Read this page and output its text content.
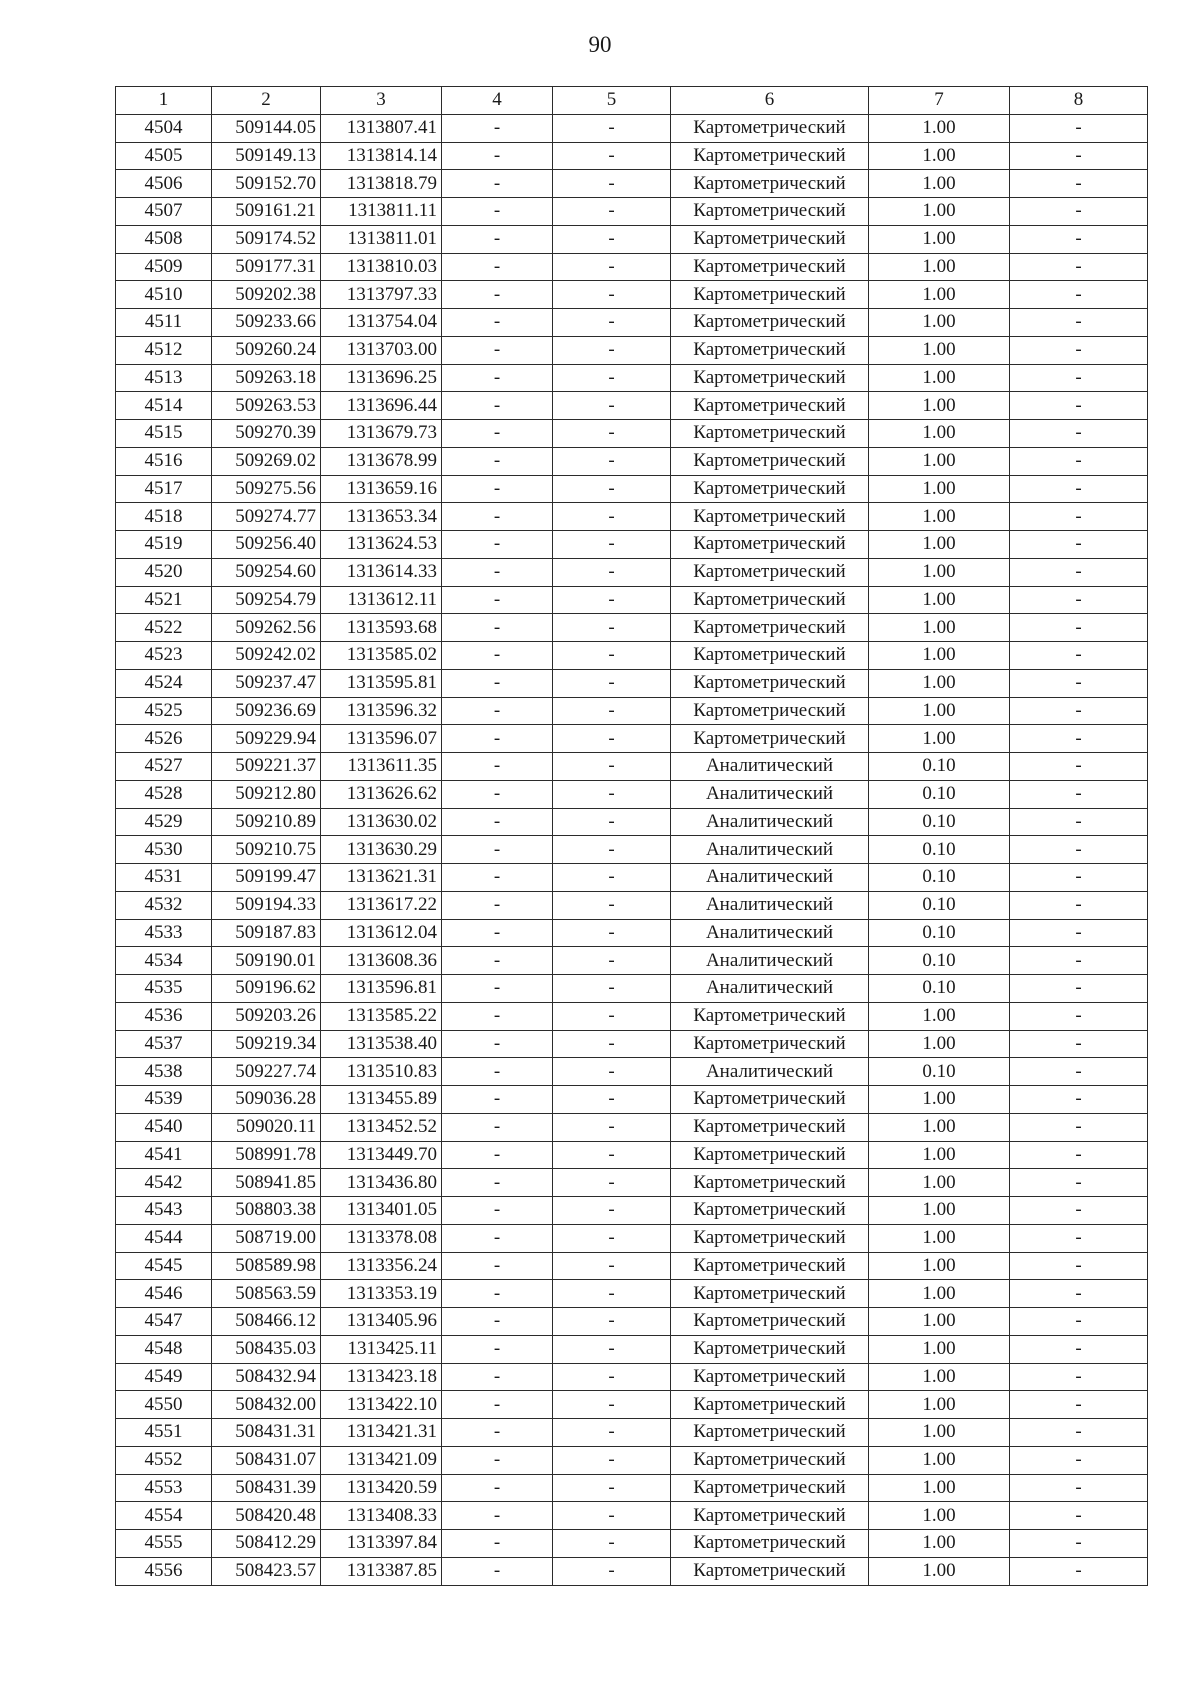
90
1	2	3	4	5	6	7	8
4504	509144.05	1313807.41	-	-	Картометрический	1.00	-
4505	509149.13	1313814.14	-	-	Картометрический	1.00	-
4506	509152.70	1313818.79	-	-	Картометрический	1.00	-
4507	509161.21	1313811.11	-	-	Картометрический	1.00	-
4508	509174.52	1313811.01	-	-	Картометрический	1.00	-
4509	509177.31	1313810.03	-	-	Картометрический	1.00	-
4510	509202.38	1313797.33	-	-	Картометрический	1.00	-
4511	509233.66	1313754.04	-	-	Картометрический	1.00	-
4512	509260.24	1313703.00	-	-	Картометрический	1.00	-
4513	509263.18	1313696.25	-	-	Картометрический	1.00	-
4514	509263.53	1313696.44	-	-	Картометрический	1.00	-
4515	509270.39	1313679.73	-	-	Картометрический	1.00	-
4516	509269.02	1313678.99	-	-	Картометрический	1.00	-
4517	509275.56	1313659.16	-	-	Картометрический	1.00	-
4518	509274.77	1313653.34	-	-	Картометрический	1.00	-
4519	509256.40	1313624.53	-	-	Картометрический	1.00	-
4520	509254.60	1313614.33	-	-	Картометрический	1.00	-
4521	509254.79	1313612.11	-	-	Картометрический	1.00	-
4522	509262.56	1313593.68	-	-	Картометрический	1.00	-
4523	509242.02	1313585.02	-	-	Картометрический	1.00	-
4524	509237.47	1313595.81	-	-	Картометрический	1.00	-
4525	509236.69	1313596.32	-	-	Картометрический	1.00	-
4526	509229.94	1313596.07	-	-	Картометрический	1.00	-
4527	509221.37	1313611.35	-	-	Аналитический	0.10	-
4528	509212.80	1313626.62	-	-	Аналитический	0.10	-
4529	509210.89	1313630.02	-	-	Аналитический	0.10	-
4530	509210.75	1313630.29	-	-	Аналитический	0.10	-
4531	509199.47	1313621.31	-	-	Аналитический	0.10	-
4532	509194.33	1313617.22	-	-	Аналитический	0.10	-
4533	509187.83	1313612.04	-	-	Аналитический	0.10	-
4534	509190.01	1313608.36	-	-	Аналитический	0.10	-
4535	509196.62	1313596.81	-	-	Аналитический	0.10	-
4536	509203.26	1313585.22	-	-	Картометрический	1.00	-
4537	509219.34	1313538.40	-	-	Картометрический	1.00	-
4538	509227.74	1313510.83	-	-	Аналитический	0.10	-
4539	509036.28	1313455.89	-	-	Картометрический	1.00	-
4540	509020.11	1313452.52	-	-	Картометрический	1.00	-
4541	508991.78	1313449.70	-	-	Картометрический	1.00	-
4542	508941.85	1313436.80	-	-	Картометрический	1.00	-
4543	508803.38	1313401.05	-	-	Картометрический	1.00	-
4544	508719.00	1313378.08	-	-	Картометрический	1.00	-
4545	508589.98	1313356.24	-	-	Картометрический	1.00	-
4546	508563.59	1313353.19	-	-	Картометрический	1.00	-
4547	508466.12	1313405.96	-	-	Картометрический	1.00	-
4548	508435.03	1313425.11	-	-	Картометрический	1.00	-
4549	508432.94	1313423.18	-	-	Картометрический	1.00	-
4550	508432.00	1313422.10	-	-	Картометрический	1.00	-
4551	508431.31	1313421.31	-	-	Картометрический	1.00	-
4552	508431.07	1313421.09	-	-	Картометрический	1.00	-
4553	508431.39	1313420.59	-	-	Картометрический	1.00	-
4554	508420.48	1313408.33	-	-	Картометрический	1.00	-
4555	508412.29	1313397.84	-	-	Картометрический	1.00	-
4556	508423.57	1313387.85	-	-	Картометрический	1.00	-
